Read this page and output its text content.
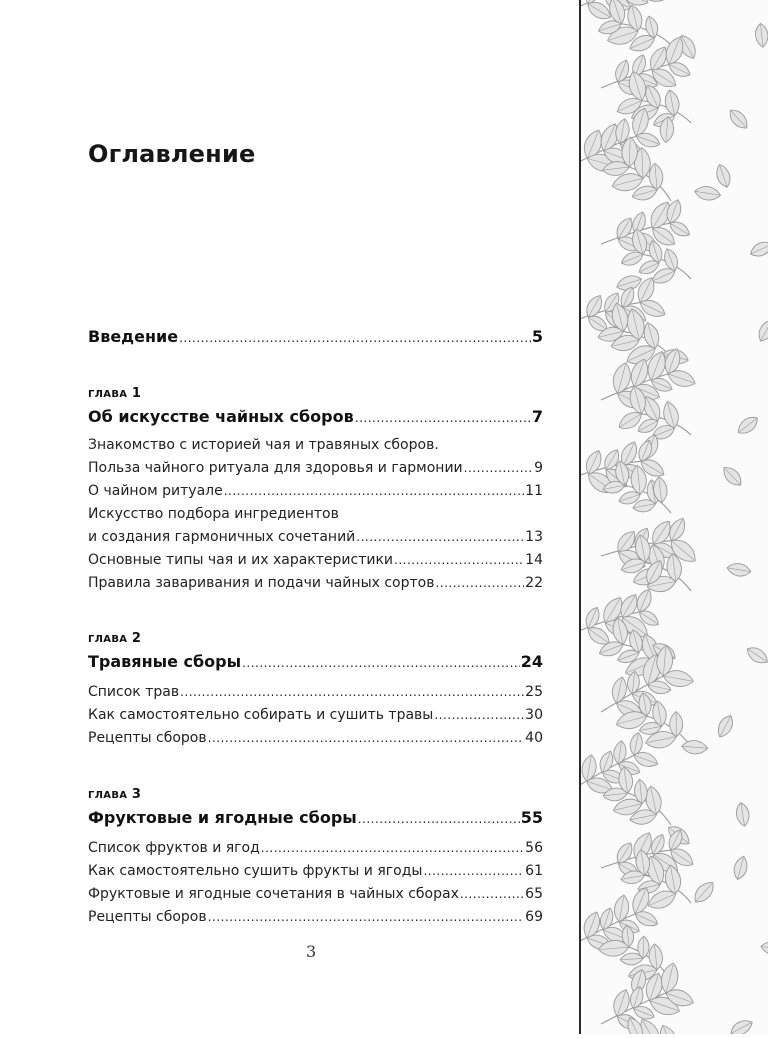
Оглавление
Введение .....	5
ГЛАВА 1
Об искусстве чайных сборов .....	7
Знакомство с историей чая и травяных сборов.
Польза чайного ритуала для здоровья и гармонии .....	9
О чайном ритуале .....	11
Искусство подбора ингредиентов
и создания гармоничных сочетаний .....	13
Основные типы чая и их характеристики .....	14
Правила заваривания и подачи чайных сортов .....	22
ГЛАВА 2
Травяные сборы .....	24
Список трав .....	25
Как самостоятельно собирать и сушить травы .....	30
Рецепты сборов .....	40
ГЛАВА 3
Фруктовые и ягодные сборы .....	55
Список фруктов и ягод .....	56
Как самостоятельно сушить фрукты и ягоды .....	61
Фруктовые и ягодные сочетания в чайных сборах .....	65
Рецепты сборов .....	69
3
